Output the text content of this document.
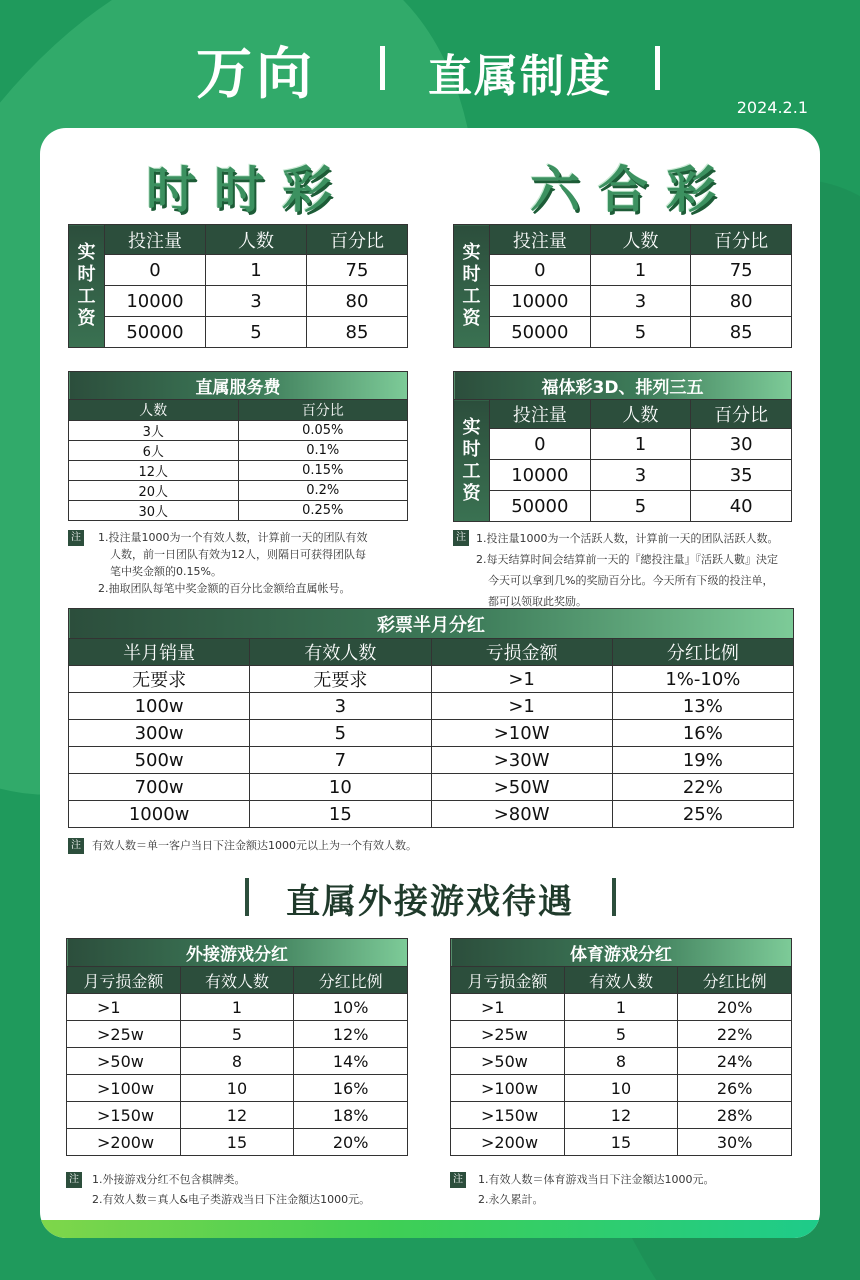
万向	直属制度
2024.2.1
时时彩	六合彩
实时工资	投注量	人数	百分比
	0	1	75
	10000	3	80
	50000	5	85
实时工资	投注量	人数	百分比
	0	1	75
	10000	3	80
	50000	5	85
直属服务费	
人数	百分比
3人	0.05%
6人	0.1%
12人	0.15%
20人	0.2%
30人	0.25%
福体彩3D、排列三五			
实时工资	投注量	人数	百分比
	0	1	30
	10000	3	35
	50000	5	40
注 1.投注量1000为一个有效人数，计算前一天的团队有效
人数，前一日团队有效为12人，则隔日可获得团队每
笔中奖金额的0.15%。
2.抽取团队每笔中奖金额的百分比金额给直属帐号。
注 1.投注量1000为一个活跃人数，计算前一天的团队活跃人数。
2.每天结算时间会结算前一天的『總投注量』『活跃人數』決定
今天可以拿到几%的奖励百分比。今天所有下级的投注单，
都可以领取此奖励。
彩票半月分红			
半月销量	有效人数	亏损金额	分红比例
无要求	无要求	>1	1%-10%
100w	3	>1	13%
300w	5	>10W	16%
500w	7	>30W	19%
700w	10	>50W	22%
1000w	15	>80W	25%
注 有效人数＝单一客户当日下注金额达1000元以上为一个有效人数。
直属外接游戏待遇
外接游戏分红		
月亏损金额	有效人数	分红比例
>1	1	10%
>25w	5	12%
>50w	8	14%
>100w	10	16%
>150w	12	18%
>200w	15	20%
体育游戏分红		
月亏损金额	有效人数	分红比例
>1	1	20%
>25w	5	22%
>50w	8	24%
>100w	10	26%
>150w	12	28%
>200w	15	30%
注 1.外接游戏分红不包含棋牌类。
2.有效人数＝真人&电子类游戏当日下注金額达1000元。
注 1.有效人数＝体育游戏当日下注金額达1000元。
2.永久累計。
